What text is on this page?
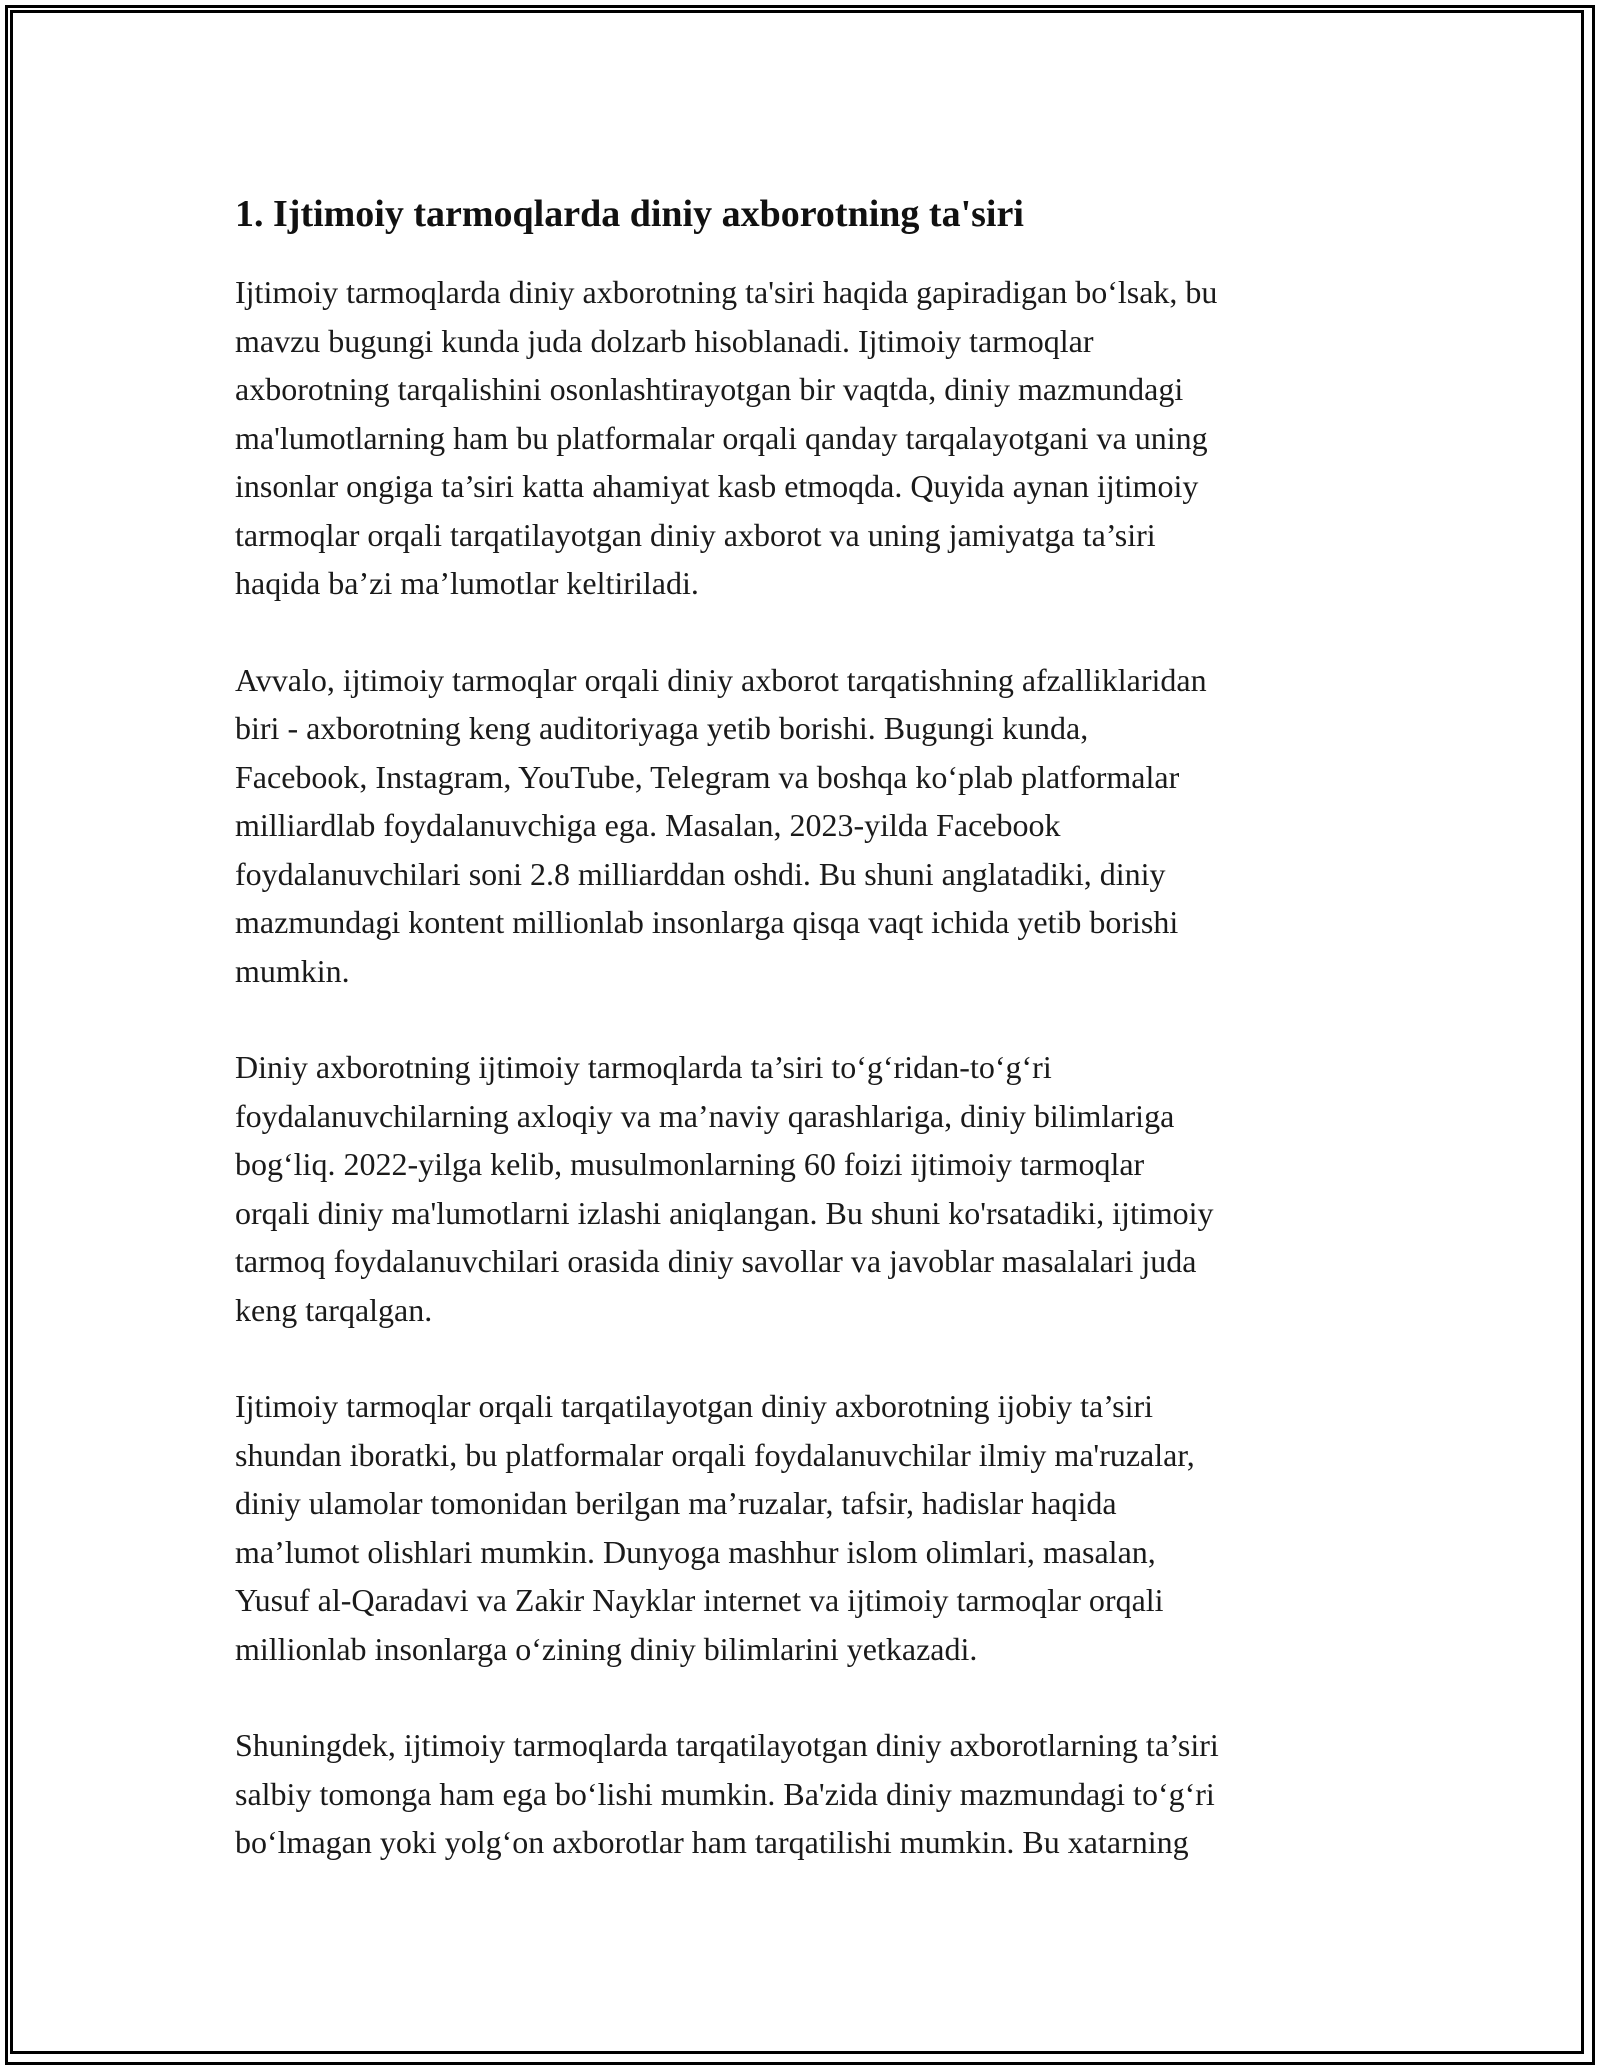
1. Ijtimoiy tarmoqlarda diniy axborotning ta'siri

Ijtimoiy tarmoqlarda diniy axborotning ta'siri haqida gapiradigan boʻlsak, bu
mavzu bugungi kunda juda dolzarb hisoblanadi. Ijtimoiy tarmoqlar
axborotning tarqalishini osonlashtirayotgan bir vaqtda, diniy mazmundagi
ma'lumotlarning ham bu platformalar orqali qanday tarqalayotgani va uning
insonlar ongiga ta’siri katta ahamiyat kasb etmoqda. Quyida aynan ijtimoiy
tarmoqlar orqali tarqatilayotgan diniy axborot va uning jamiyatga ta’siri
haqida ba’zi ma’lumotlar keltiriladi.

Avvalo, ijtimoiy tarmoqlar orqali diniy axborot tarqatishning afzalliklaridan
biri - axborotning keng auditoriyaga yetib borishi. Bugungi kunda,
Facebook, Instagram, YouTube, Telegram va boshqa koʻplab platformalar
milliardlab foydalanuvchiga ega. Masalan, 2023-yilda Facebook
foydalanuvchilari soni 2.8 milliarddan oshdi. Bu shuni anglatadiki, diniy
mazmundagi kontent millionlab insonlarga qisqa vaqt ichida yetib borishi
mumkin.

Diniy axborotning ijtimoiy tarmoqlarda ta’siri toʻgʻridan-toʻgʻri
foydalanuvchilarning axloqiy va ma’naviy qarashlariga, diniy bilimlariga
bogʻliq. 2022-yilga kelib, musulmonlarning 60 foizi ijtimoiy tarmoqlar
orqali diniy ma'lumotlarni izlashi aniqlangan. Bu shuni ko'rsatadiki, ijtimoiy
tarmoq foydalanuvchilari orasida diniy savollar va javoblar masalalari juda
keng tarqalgan.

Ijtimoiy tarmoqlar orqali tarqatilayotgan diniy axborotning ijobiy ta’siri
shundan iboratki, bu platformalar orqali foydalanuvchilar ilmiy ma'ruzalar,
diniy ulamolar tomonidan berilgan ma’ruzalar, tafsir, hadislar haqida
ma’lumot olishlari mumkin. Dunyoga mashhur islom olimlari, masalan,
Yusuf al-Qaradavi va Zakir Nayklar internet va ijtimoiy tarmoqlar orqali
millionlab insonlarga oʻzining diniy bilimlarini yetkazadi.

Shuningdek, ijtimoiy tarmoqlarda tarqatilayotgan diniy axborotlarning ta’siri
salbiy tomonga ham ega boʻlishi mumkin. Ba'zida diniy mazmundagi toʻgʻri
boʻlmagan yoki yolgʻon axborotlar ham tarqatilishi mumkin. Bu xatarning
